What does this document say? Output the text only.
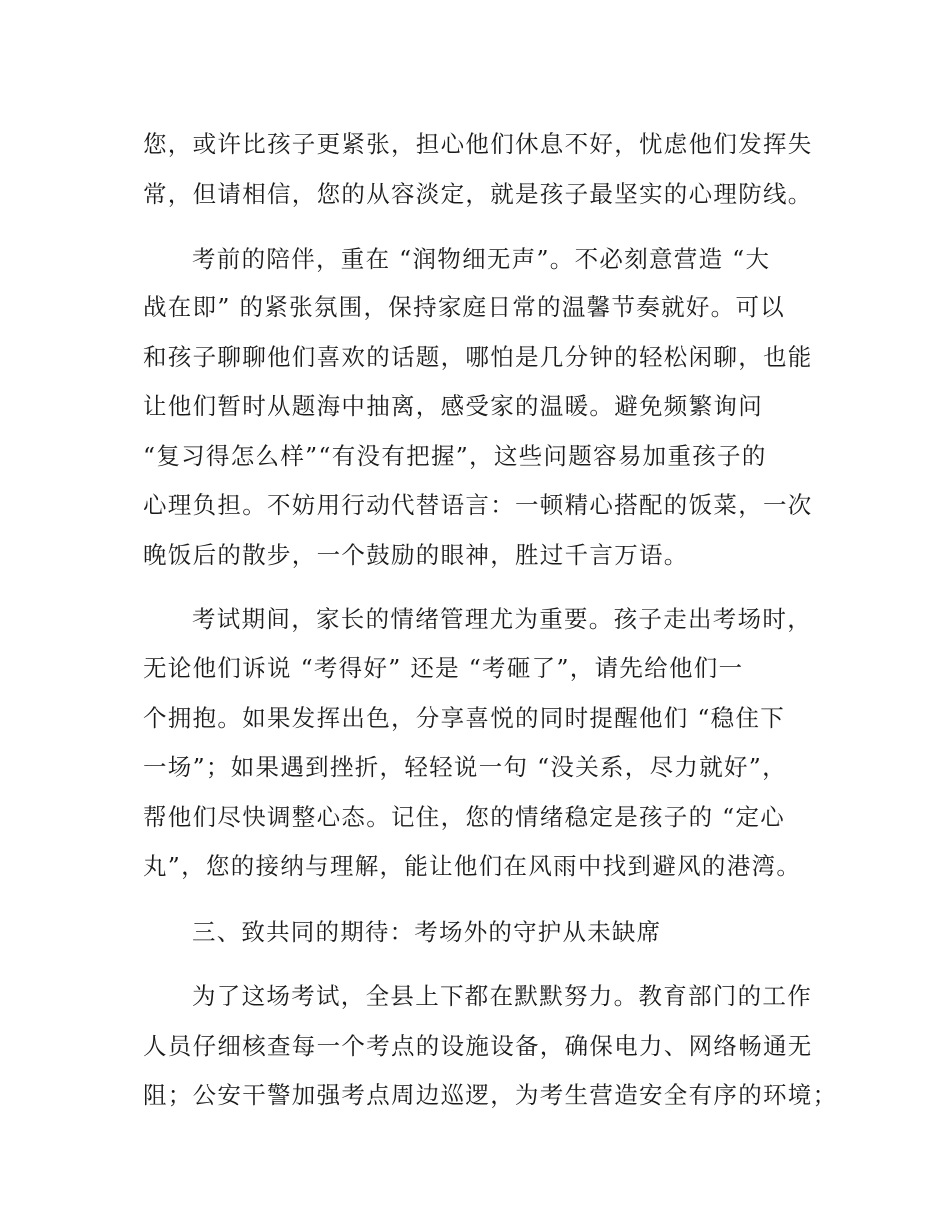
您，或许比孩子更紧张，担心他们休息不好，忧虑他们发挥失
常，但请相信，您的从容淡定，就是孩子最坚实的心理防线。
考前的陪伴，重在 “润物细无声”。不必刻意营造 “大
战在即” 的紧张氛围，保持家庭日常的温馨节奏就好。可以
和孩子聊聊他们喜欢的话题，哪怕是几分钟的轻松闲聊，也能
让他们暂时从题海中抽离，感受家的温暖。避免频繁询问
“复习得怎么样”“有没有把握”，这些问题容易加重孩子的
心理负担。不妨用行动代替语言：一顿精心搭配的饭菜，一次
晚饭后的散步，一个鼓励的眼神，胜过千言万语。
考试期间，家长的情绪管理尤为重要。孩子走出考场时，
无论他们诉说 “考得好” 还是 “考砸了”，请先给他们一
个拥抱。如果发挥出色，分享喜悦的同时提醒他们 “稳住下
一场”；如果遇到挫折，轻轻说一句 “没关系，尽力就好”，
帮他们尽快调整心态。记住，您的情绪稳定是孩子的 “定心
丸”，您的接纳与理解，能让他们在风雨中找到避风的港湾。
三、致共同的期待：考场外的守护从未缺席
为了这场考试，全县上下都在默默努力。教育部门的工作
人员仔细核查每一个考点的设施设备，确保电力、网络畅通无
阻；公安干警加强考点周边巡逻，为考生营造安全有序的环境；
